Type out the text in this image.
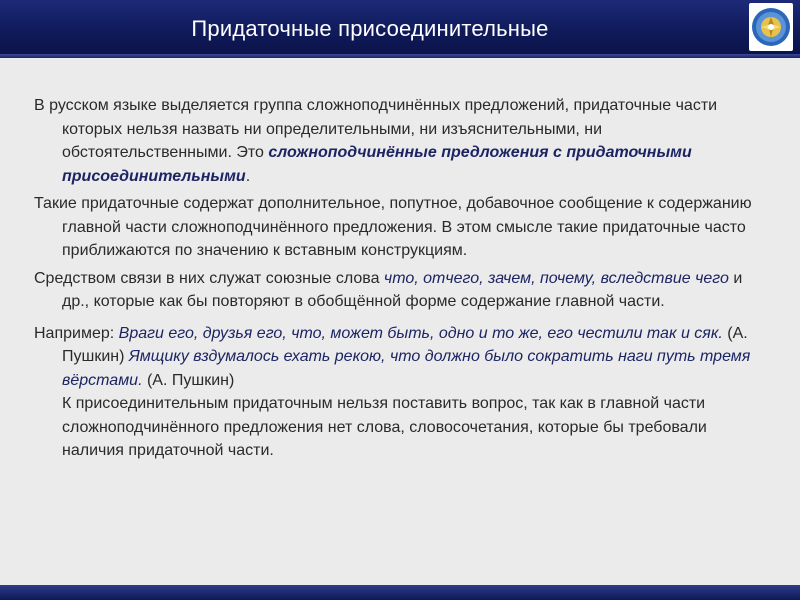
Придаточные присоединительные

В русском языке выделяется группа сложноподчинённых предложений, придаточные части которых нельзя назвать ни определительными, ни изъяснительными, ни обстоятельственными. Это сложноподчинённые предложения с придаточными присоединительными.

Такие придаточные содержат дополнительное, попутное, добавочное сообщение к содержанию главной части сложноподчинённого предложения. В этом смысле такие придаточные часто приближаются по значению к вставным конструкциям.

Средством связи в них служат союзные слова что, отчего, зачем, почему, вследствие чего и др., которые как бы повторяют в обобщённой форме содержание главной части.

Например: Враги его, друзья его, что, может быть, одно и то же, его честили так и сяк. (А. Пушкин) Ямщику вздумалось ехать рекою, что должно было сократить наги путь тремя вёрстами. (А. Пушкин)
К присоединительным придаточным нельзя поставить вопрос, так как в главной части сложноподчинённого предложения нет слова, словосочетания, которые бы требовали наличия придаточной части.
